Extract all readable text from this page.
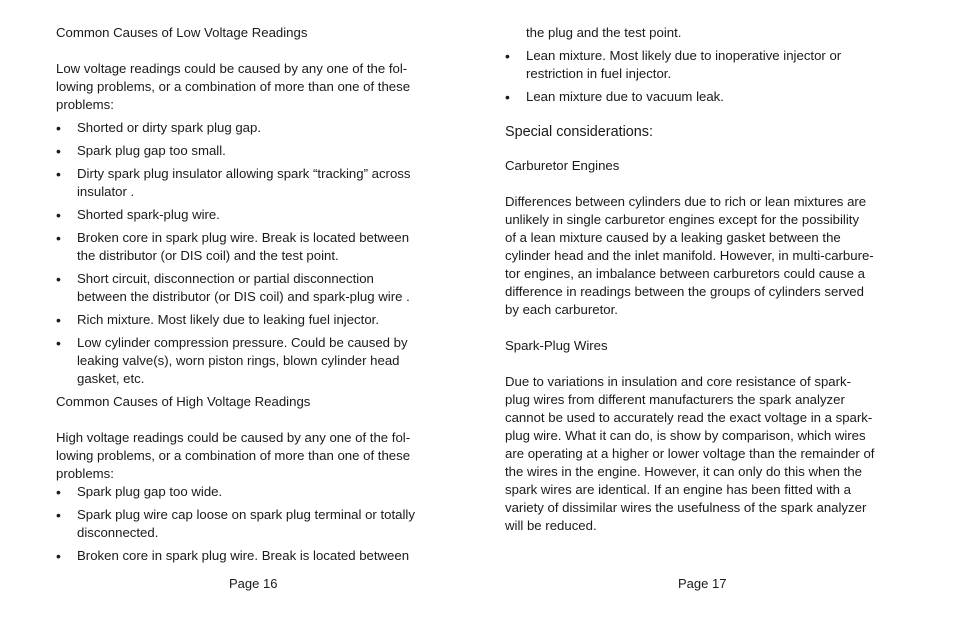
Common Causes of Low Voltage Readings

Low voltage readings could be caused by any one of the fol-
lowing problems, or a combination of more than one of these
problems:

• Shorted or dirty spark plug gap.
• Spark plug gap too small.
• Dirty spark plug insulator allowing spark “tracking” across
insulator .
• Shorted spark-plug wire.
• Broken core in spark plug wire. Break is located between
the distributor (or DIS coil) and the test point.
• Short circuit, disconnection or partial disconnection
between the distributor (or DIS coil) and spark-plug wire .
• Rich mixture. Most likely due to leaking fuel injector.
• Low cylinder compression pressure. Could be caused by
leaking valve(s), worn piston rings, blown cylinder head
gasket, etc.

Common Causes of High Voltage Readings

High voltage readings could be caused by any one of the fol-
lowing problems, or a combination of more than one of these
problems:

• Spark plug gap too wide.
• Spark plug wire cap loose on spark plug terminal or totally
disconnected.
• Broken core in spark plug wire. Break is located between
Page 16
the plug and the test point.
• Lean mixture. Most likely due to inoperative injector or
restriction in fuel injector.
• Lean mixture due to vacuum leak.

Special considerations:

Carburetor Engines

Differences between cylinders due to rich or lean mixtures are
unlikely in single carburetor engines except for the possibility
of a lean mixture caused by a leaking gasket between the
cylinder head and the inlet manifold. However, in multi-carbure-
tor engines, an imbalance between carburetors could cause a
difference in readings between the groups of cylinders served
by each carburetor.

Spark-Plug Wires

Due to variations in insulation and core resistance of spark-
plug wires from different manufacturers the spark analyzer
cannot be used to accurately read the exact voltage in a spark-
plug wire. What it can do, is show by comparison, which wires
are operating at a higher or lower voltage than the remainder of
the wires in the engine. However, it can only do this when the
spark wires are identical. If an engine has been fitted with a
variety of dissimilar wires the usefulness of the spark analyzer
will be reduced.

Page 17
